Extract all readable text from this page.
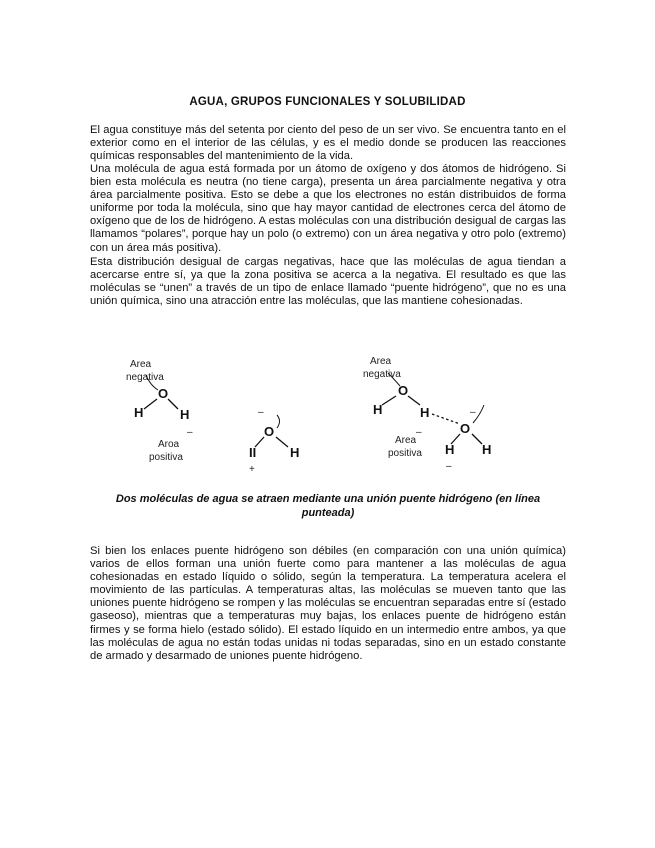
AGUA, GRUPOS FUNCIONALES Y SOLUBILIDAD

El agua constituye más del setenta por ciento del peso de un ser vivo. Se encuentra tanto en el exterior como en el interior de las células, y es el medio donde se producen las reacciones químicas responsables del mantenimiento de la vida.

Una molécula de agua está formada por un átomo de oxígeno y dos átomos de hidrógeno. Si bien esta molécula es neutra (no tiene carga), presenta un área parcialmente negativa y otra área parcialmente positiva. Esto se debe a que los electrones no están distribuidos de forma uniforme por toda la molécula, sino que hay mayor cantidad de electrones cerca del átomo de oxígeno que de los de hidrógeno. A estas moléculas con una distribución desigual de cargas las llamamos “polares”, porque hay un polo (o extremo) con un área negativa y otro polo (extremo) con un área más positiva).

Esta distribución desigual de cargas negativas, hace que las moléculas de agua tiendan a acercarse entre sí, ya que la zona positiva se acerca a la negativa. El resultado es que las moléculas se “unen” a través de un tipo de enlace llamado “puente hidrógeno”, que no es una unión química, sino una atracción entre las moléculas, que las mantiene cohesionadas.

Area
negativa
O
H	H
–
Aroa
positiva
–
O
II	H
+
Area
negativa
O
H	H
–
–
O
H H
–
Area
positiva
Dos moléculas de agua se atraen mediante una unión puente hidrógeno (en línea punteada)

Si bien los enlaces puente hidrógeno son débiles (en comparación con una unión química) varios de ellos forman una unión fuerte como para mantener a las moléculas de agua cohesionadas en estado líquido o sólido, según la temperatura. La temperatura acelera el movimiento de las partículas. A temperaturas altas, las moléculas se mueven tanto que las uniones puente hidrógeno se rompen y las moléculas se encuentran separadas entre sí (estado gaseoso), mientras que a temperaturas muy bajas, los enlaces puente de hidrógeno están firmes y se forma hielo (estado sólido). El estado líquido en un intermedio entre ambos, ya que las moléculas de agua no están todas unidas ni todas separadas, sino en un estado constante de armado y desarmado de uniones puente hidrógeno.
